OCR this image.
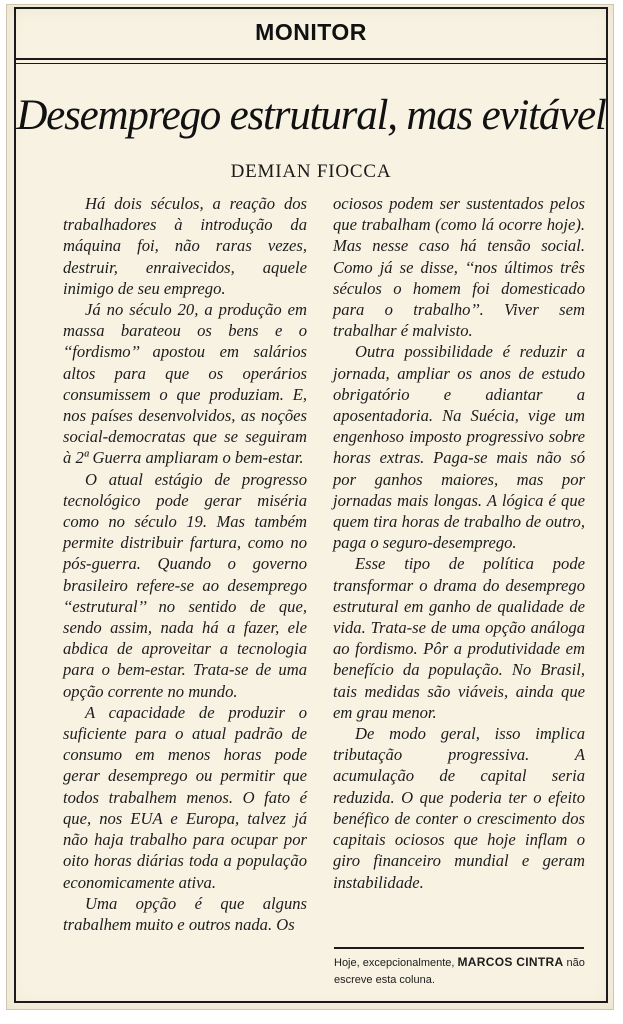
MONITOR
Desemprego estrutural, mas evitável
DEMIAN FIOCCA

Há dois séculos, a reação dos trabalhadores à introdução da máquina foi, não raras vezes, destruir, enraivecidos, aquele inimigo de seu emprego.

Já no século 20, a produção em massa barateou os bens e o ‘‘fordismo’’ apostou em salários altos para que os operários consumissem o que produziam. E, nos países desenvolvidos, as noções social-democratas que se seguiram à 2ª Guerra ampliaram o bem-estar.

O atual estágio de progresso tecnológico pode gerar miséria como no século 19. Mas também permite distribuir fartura, como no pós-guerra. Quando o governo brasileiro refere-se ao desemprego ‘‘estrutural’’ no sentido de que, sendo assim, nada há a fazer, ele abdica de aproveitar a tecnologia para o bem-estar. Trata-se de uma opção corrente no mundo.

A capacidade de produzir o suficiente para o atual padrão de consumo em menos horas pode gerar desemprego ou permitir que todos trabalhem menos. O fato é que, nos EUA e Europa, talvez já não haja trabalho para ocupar por oito horas diárias toda a população economicamente ativa.

Uma opção é que alguns trabalhem muito e outros nada. Os

ociosos podem ser sustentados pelos que trabalham (como lá ocorre hoje). Mas nesse caso há tensão social. Como já se disse, ‘‘nos últimos três séculos o homem foi domesticado para o trabalho’’. Viver sem trabalhar é malvisto.

Outra possibilidade é reduzir a jornada, ampliar os anos de estudo obrigatório e adiantar a aposentadoria. Na Suécia, vige um engenhoso imposto progressivo sobre horas extras. Paga-se mais não só por ganhos maiores, mas por jornadas mais longas. A lógica é que quem tira horas de trabalho de outro, paga o seguro-desemprego.

Esse tipo de política pode transformar o drama do desemprego estrutural em ganho de qualidade de vida. Trata-se de uma opção análoga ao fordismo. Pôr a produtividade em benefício da população. No Brasil, tais medidas são viáveis, ainda que em grau menor.

De modo geral, isso implica tributação progressiva. A acumulação de capital seria reduzida. O que poderia ter o efeito benéfico de conter o crescimento dos capitais ociosos que hoje inflam o giro financeiro mundial e geram instabilidade.

Hoje, excepcionalmente, MARCOS CINTRA não escreve esta coluna.
